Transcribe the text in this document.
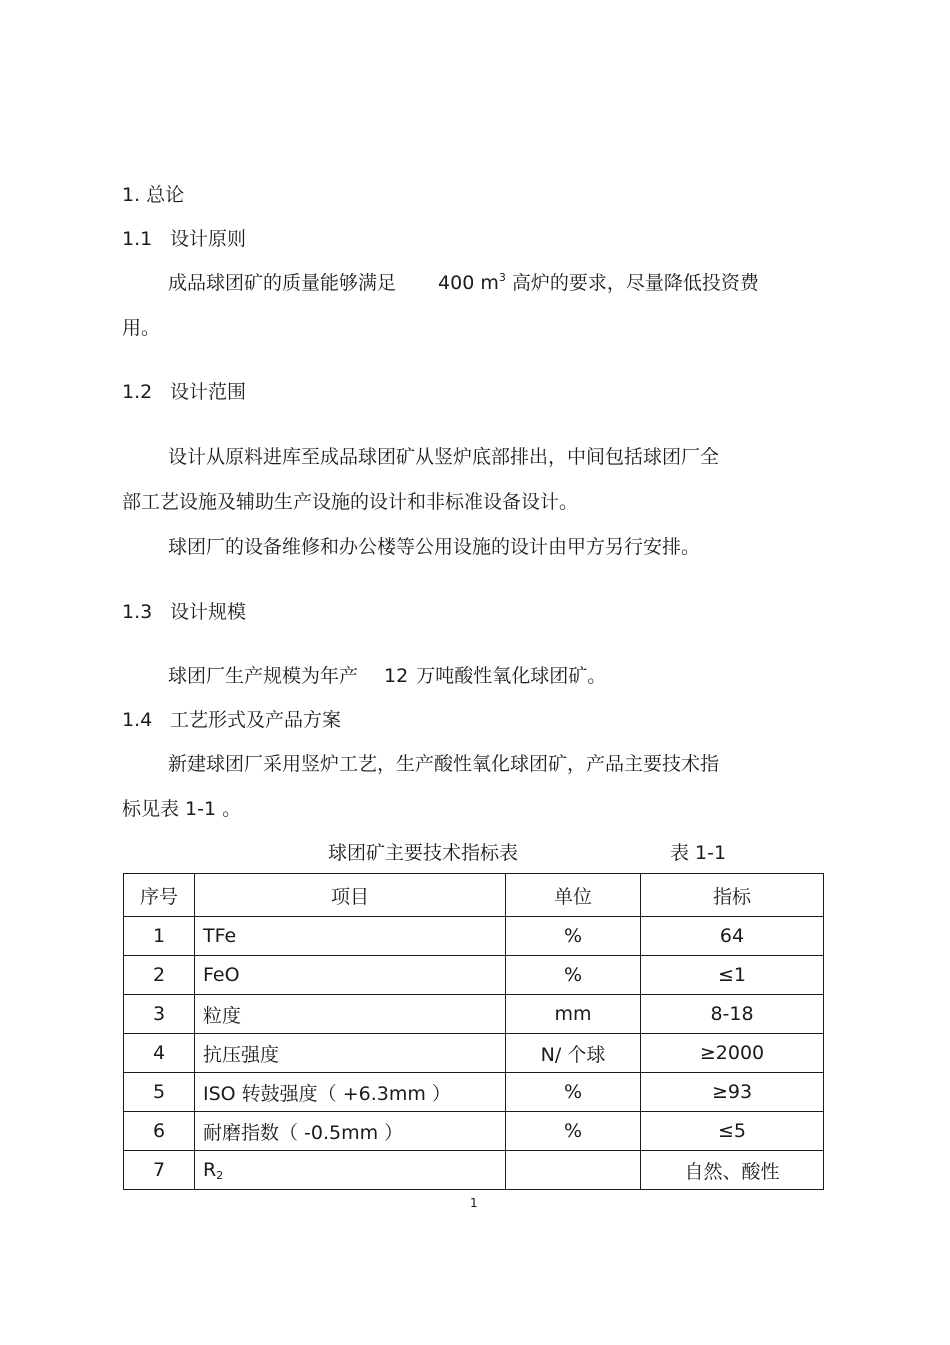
1. 总论
1.1 设计原则
成品球团矿的质量能够满足 400 $m^3$ 高炉的要求，尽量降低投资费
用。
1.2 设计范围
设计从原料进库至成品球团矿从竖炉底部排出，中间包括球团厂全
部工艺设施及辅助生产设施的设计和非标准设备设计。
球团厂的设备维修和办公楼等公用设施的设计由甲方另行安排。
1.3 设计规模
球团厂生产规模为年产 12 万吨酸性氧化球团矿。
1.4 工艺形式及产品方案
新建球团厂采用竖炉工艺，生产酸性氧化球团矿，产品主要技术指
标见表 1-1 。
球团矿主要技术指标表	表 1-1
序号	项目	单位	指标
1	TFe	%	64
2	FeO	%	≤1
3	粒度	mm	8-18
4	抗压强度	N/ 个球	≥2000
5	ISO 转鼓强度（ +6.3mm ）	%	≥93
6	耐磨指数（ -0.5mm ）	%	≤5
7	$R_2$		自然、酸性
1
